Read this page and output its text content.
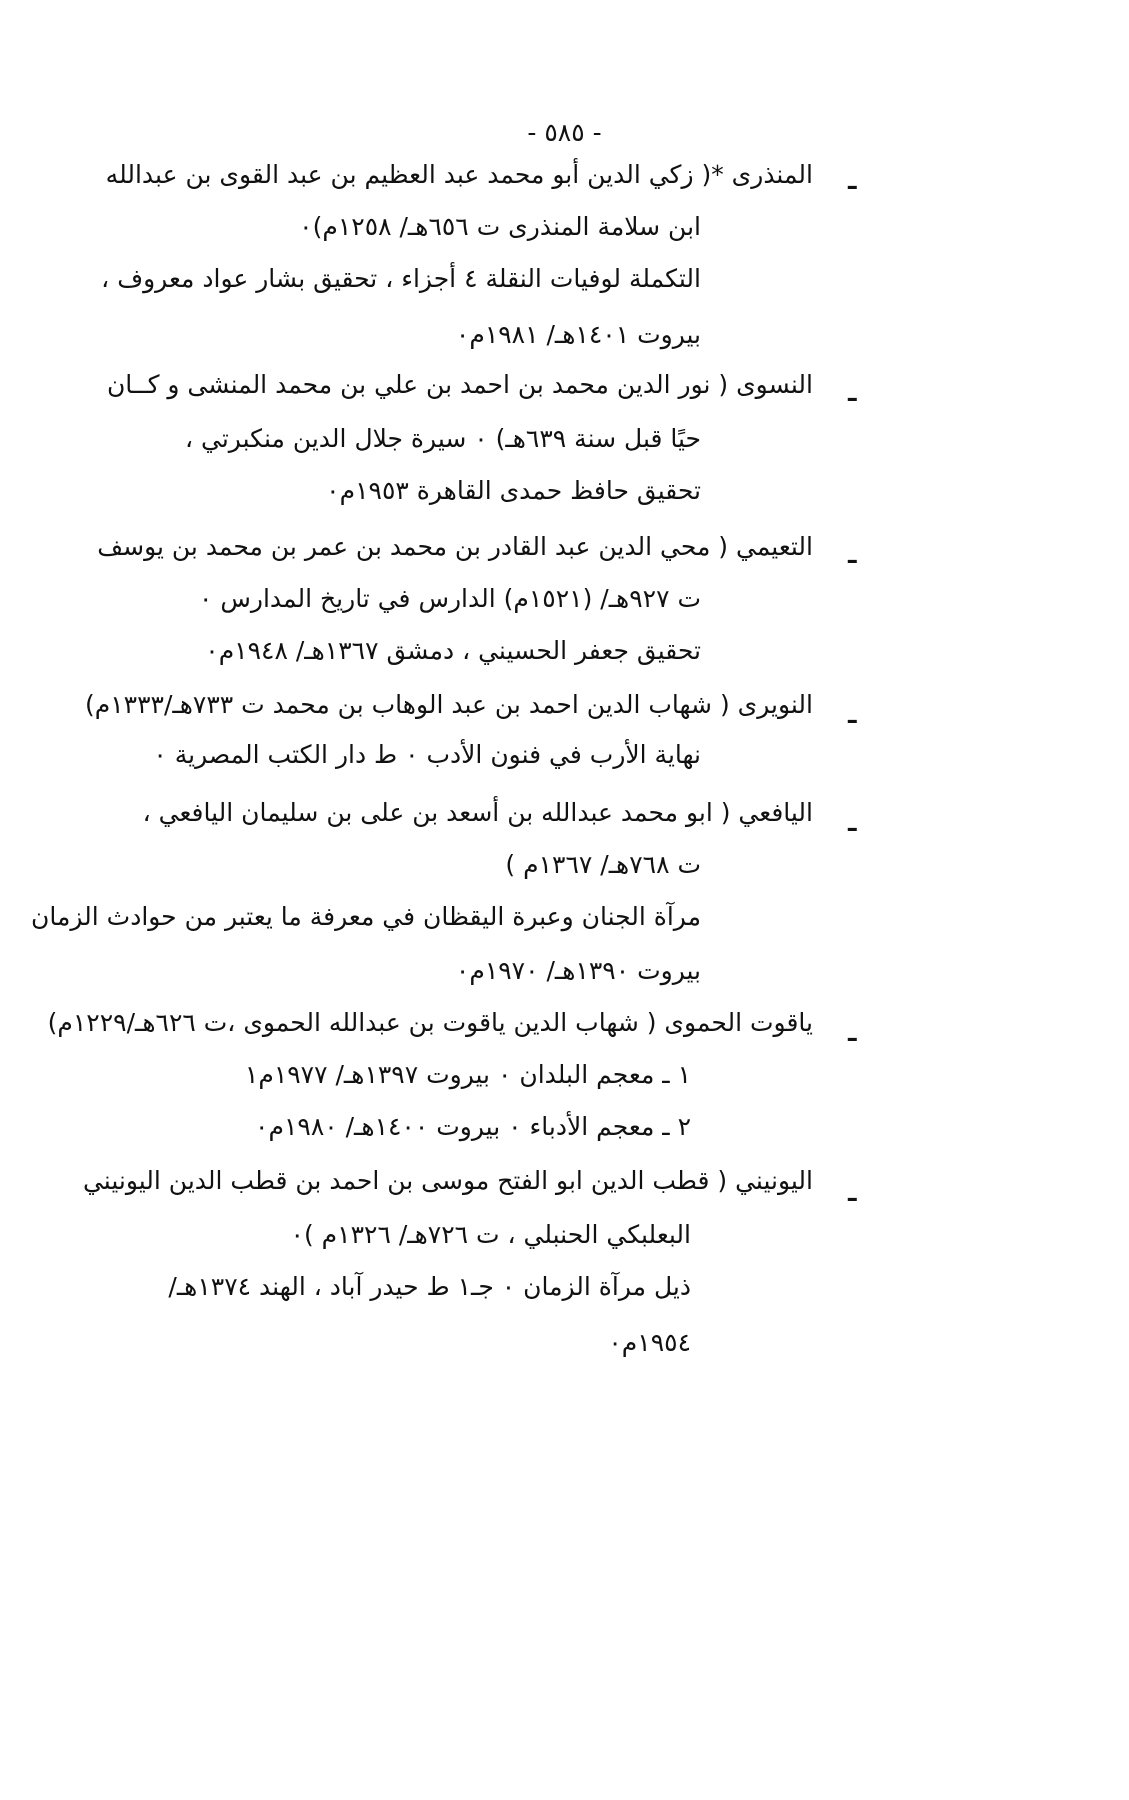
- ٥٨٥ -
ـ
المنذرى *( زكي الدين أبو محمد عبد العظيم بن عبد القوى بن عبدالله
ابن سلامة المنذرى ت ٦٥٦هـ/ ١٢٥٨م)٠
التكملة لوفيات النقلة ٤ أجزاء ، تحقيق بشار عواد معروف ،
بيروت ١٤٠١هـ/ ١٩٨١م٠
ـ
النسوى ( نور الدين محمد بن احمد بن علي بن محمد المنشى و كــان
حيًا قبل سنة ٦٣٩هـ) ٠ سيرة جلال الدين منكبرتي ،
تحقيق حافظ حمدى القاهرة ١٩٥٣م٠
ـ
التعيمي ( محي الدين عبد القادر بن محمد بن عمر بن محمد بن يوسف
ت ٩٢٧هـ/ (١٥٢١م) الدارس في تاريخ المدارس ٠
تحقيق جعفر الحسيني ، دمشق ١٣٦٧هـ/ ١٩٤٨م٠
ـ
النويرى ( شهاب الدين احمد بن عبد الوهاب بن محمد ت ٧٣٣هـ/١٣٣٣م)
نهاية الأرب في فنون الأدب ٠ ط دار الكتب المصرية ٠
ـ
اليافعي ( ابو محمد عبدالله بن أسعد بن على بن سليمان اليافعي ،
ت ٧٦٨هـ/ ١٣٦٧م )
مرآة الجنان وعبرة اليقظان في معرفة ما يعتبر من حوادث الزمان
بيروت ١٣٩٠هـ/ ١٩٧٠م٠
ـ
ياقوت الحموى ( شهاب الدين ياقوت بن عبدالله الحموى ،ت ٦٢٦هـ/١٢٢٩م)
١ ـ معجم البلدان ٠ بيروت ١٣٩٧هـ/ ١٩٧٧م١
٢ ـ معجم الأدباء ٠ بيروت ١٤٠٠هـ/ ١٩٨٠م٠
ـ
اليونيني ( قطب الدين ابو الفتح موسى بن احمد بن قطب الدين اليونيني
البعلبكي الحنبلي ، ت ٧٢٦هـ/ ١٣٢٦م )٠
ذيل مرآة الزمان ٠ جـ١ ط حيدر آباد ، الهند ١٣٧٤هـ/
١٩٥٤م٠
